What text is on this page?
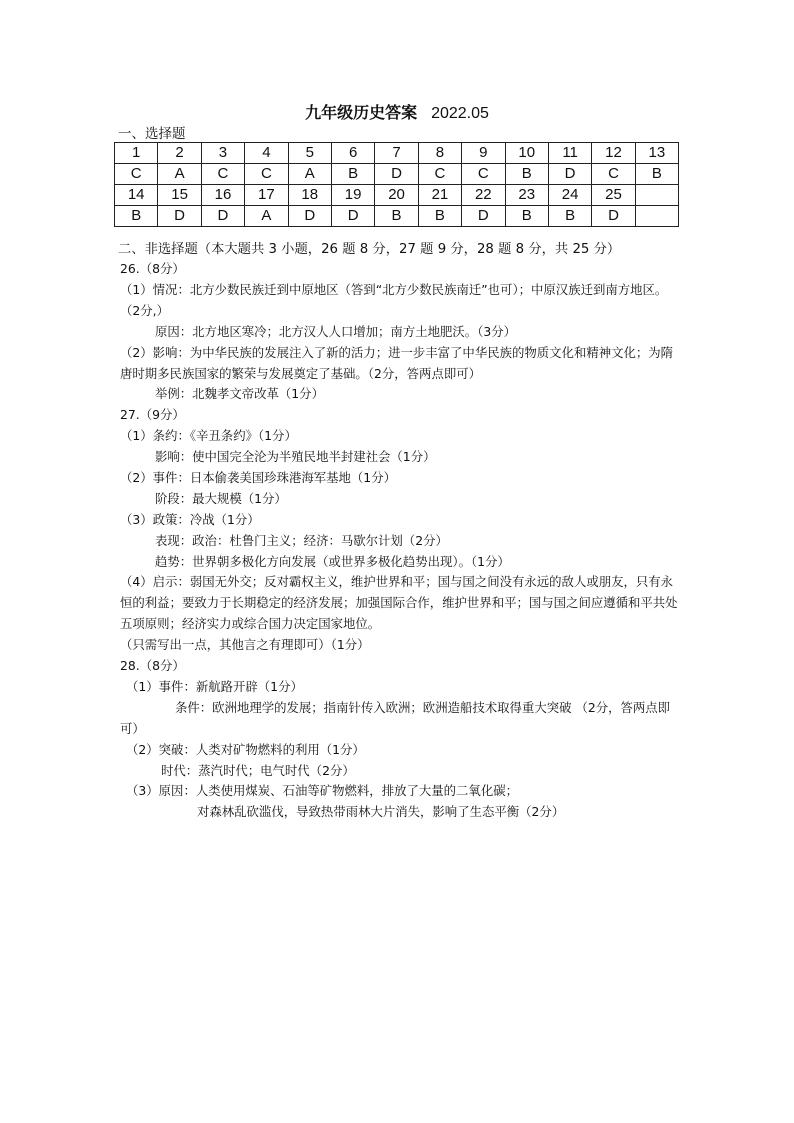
九年级历史答案 2022.05
一、选择题
1	2	3	4	5	6	7	8	9	10	11	12	13
C	A	C	C	A	B	D	C	C	B	D	C	B
14	15	16	17	18	19	20	21	22	23	24	25	
B	D	D	A	D	D	B	B	D	B	B	D	
二、非选择题（本大题共 3 小题，26 题 8 分，27 题 9 分，28 题 8 分，共 25 分）
26.（8分）
（1）情况：北方少数民族迁到中原地区（答到“北方少数民族南迁”也可）；中原汉族迁到南方地区。（2分,）
原因：北方地区寒冷；北方汉人人口增加；南方土地肥沃。（3分）
（2）影响：为中华民族的发展注入了新的活力；进一步丰富了中华民族的物质文化和精神文化；为隋唐时期多民族国家的繁荣与发展奠定了基础。（2分，答两点即可）
举例：北魏孝文帝改革（1分）
27.（9分）
（1）条约：《辛丑条约》（1分）
影响：使中国完全沦为半殖民地半封建社会（1分）
（2）事件：日本偷袭美国珍珠港海军基地（1分）
阶段：最大规模（1分）
（3）政策：冷战（1分）
表现：政治：杜鲁门主义；经济：马歇尔计划（2分）
趋势：世界朝多极化方向发展（或世界多极化趋势出现）。（1分）
（4）启示：弱国无外交；反对霸权主义，维护世界和平；国与国之间没有永远的敌人或朋友，只有永恒的利益；要致力于长期稳定的经济发展；加强国际合作，维护世界和平；国与国之间应遵循和平共处五项原则；经济实力或综合国力决定国家地位。
（只需写出一点，其他言之有理即可）（1分）
28.（8分）
（1）事件：新航路开辟（1分）
条件：欧洲地理学的发展；指南针传入欧洲；欧洲造船技术取得重大突破 （2分，答两点即可）
（2）突破：人类对矿物燃料的利用（1分）
时代：蒸汽时代；电气时代（2分）
（3）原因：人类使用煤炭、石油等矿物燃料，排放了大量的二氧化碳；
对森林乱砍滥伐，导致热带雨林大片消失，影响了生态平衡（2分）
